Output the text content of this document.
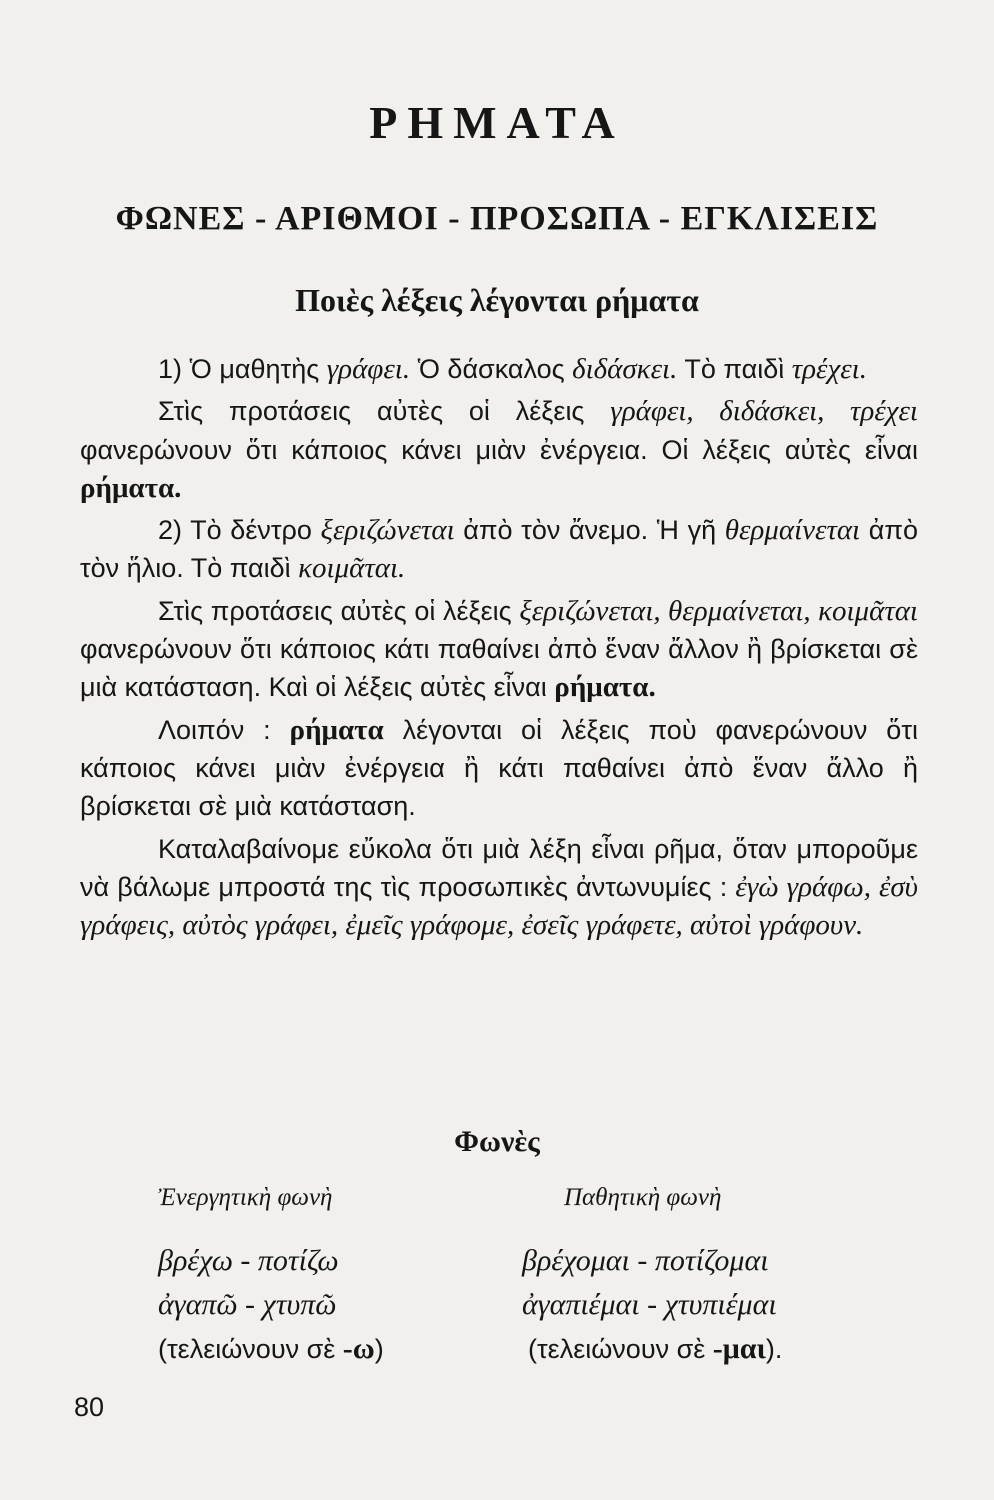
ΡΗΜΑΤΑ
ΦΩΝΕΣ - ΑΡΙΘΜΟΙ - ΠΡΟΣΩΠΑ - ΕΓΚΛΙΣΕΙΣ
Ποιὲς λέξεις λέγονται ρήματα

1) Ὁ μαθητὴς γράφει. Ὁ δάσκαλος διδάσκει. Τὸ παιδὶ τρέχει.

Στὶς προτάσεις αὐτὲς οἱ λέξεις γράφει, διδάσκει, τρέχει φανερώνουν ὅτι κάποιος κάνει μιὰν ἐνέργεια. Οἱ λέξεις αὐτὲς εἶναι ρήματα.

2) Τὸ δέντρο ξεριζώνεται ἀπὸ τὸν ἄνεμο. Ἡ γῆ θερμαίνεται ἀπὸ τὸν ἥλιο. Τὸ παιδὶ κοιμᾶται.

Στὶς προτάσεις αὐτὲς οἱ λέξεις ξεριζώνεται, θερμαίνεται, κοιμᾶται φανερώνουν ὅτι κάποιος κάτι παθαίνει ἀπὸ ἕναν ἄλλον ἢ βρίσκεται σὲ μιὰ κατάσταση. Καὶ οἱ λέξεις αὐτὲς εἶναι ρήματα.

Λοιπόν : ρήματα λέγονται οἱ λέξεις ποὺ φανερώνουν ὅτι κάποιος κάνει μιὰν ἐνέργεια ἢ κάτι παθαίνει ἀπὸ ἕναν ἄλλο ἢ βρίσκεται σὲ μιὰ κατάσταση.

Καταλαβαίνομε εὔκολα ὅτι μιὰ λέξη εἶναι ρῆμα, ὅταν μποροῦμε νὰ βάλωμε μπροστά της τὶς προσωπικὲς ἀντωνυμίες : ἐγὼ γράφω, ἐσὺ γράφεις, αὐτὸς γράφει, ἐμεῖς γράφομε, ἐσεῖς γράφετε, αὐτοὶ γράφουν.

Φωνὲς
Ἐνεργητικὴ φωνὴ	Παθητικὴ φωνὴ
βρέχω - ποτίζω	βρέχομαι - ποτίζομαι
ἀγαπῶ - χτυπῶ	ἀγαπιέμαι - χτυπιέμαι
(τελειώνουν σὲ -ω)	(τελειώνουν σὲ -μαι).
80
